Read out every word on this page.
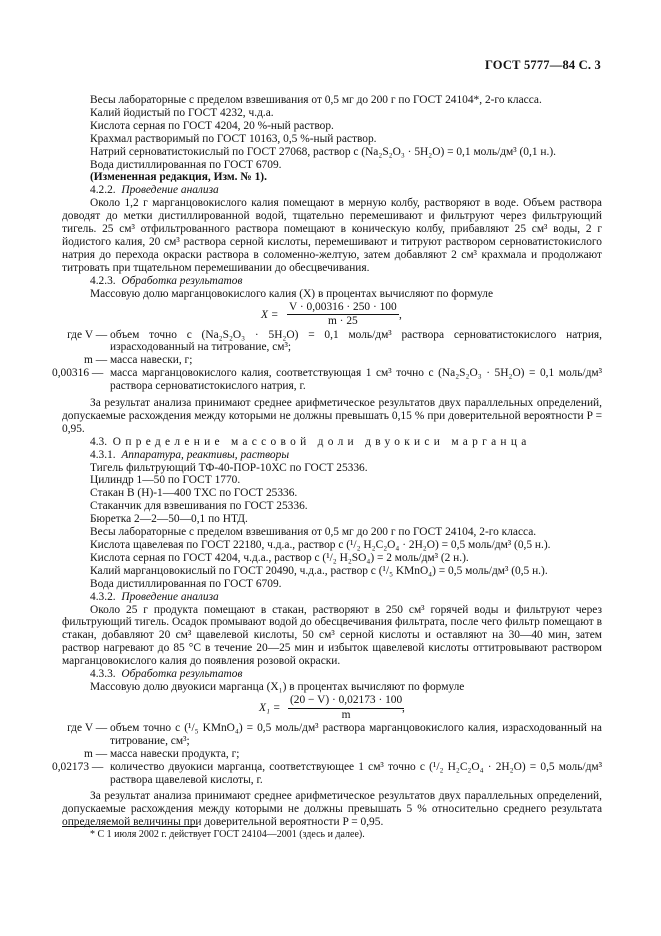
ГОСТ 5777—84 С. 3

Весы лабораторные с пределом взвешивания от 0,5 мг до 200 г по ГОСТ 24104*, 2-го класса.

Калий йодистый по ГОСТ 4232, ч.д.а.

Кислота серная по ГОСТ 4204, 20 %-ный раствор.

Крахмал растворимый по ГОСТ 10163, 0,5 %-ный раствор.

Натрий серноватистокислый по ГОСТ 27068, раствор c (Na₂S₂O₃ · 5H₂O) = 0,1 моль/дм³ (0,1 н.).

Вода дистиллированная по ГОСТ 6709.

(Измененная редакция, Изм. № 1).

4.2.2. Проведение анализа

Около 1,2 г марганцовокислого калия помещают в мерную колбу, растворяют в воде. Объем раствора доводят до метки дистиллированной водой, тщательно перемешивают и фильтруют через фильтрующий тигель. 25 см³ отфильтрованного раствора помещают в коническую колбу, прибавляют 25 см³ воды, 2 г йодистого калия, 20 см³ раствора серной кислоты, перемешивают и титруют раствором серноватистокислого натрия до перехода окраски раствора в соломенно-желтую, затем добавляют 2 см³ крахмала и продолжают титровать при тщательном перемешивании до обесцвечивания.

4.2.3. Обработка результатов

Массовую долю марганцовокислого калия (X) в процентах вычисляют по формуле

$X = \frac{V \cdot 0,00316 \cdot 250 \cdot 100}{m \cdot 25}$ ,
где V — объем точно c (Na₂S₂O₃ · 5H₂O) = 0,1 моль/дм³ раствора серноватистокислого натрия, израсходованный на титрование, см³;
m — масса навески, г;
0,00316 — масса марганцовокислого калия, соответствующая 1 см³ точно c (Na₂S₂O₃ · 5H₂O) = 0,1 моль/дм³ раствора серноватистокислого натрия, г.

За результат анализа принимают среднее арифметическое результатов двух параллельных определений, допускаемые расхождения между которыми не должны превышать 0,15 % при доверительной вероятности P = 0,95.

4.3. Определение массовой доли двуокиси марганца

4.3.1. Аппаратура, реактивы, растворы

Тигель фильтрующий ТФ-40-ПОР-10ХС по ГОСТ 25336.

Цилиндр 1—50 по ГОСТ 1770.

Стакан В (Н)-1—400 ТХС по ГОСТ 25336.

Стаканчик для взвешивания по ГОСТ 25336.

Бюретка 2—2—50—0,1 по НТД.

Весы лабораторные с пределом взвешивания от 0,5 мг до 200 г по ГОСТ 24104, 2-го класса.

Кислота щавелевая по ГОСТ 22180, ч.д.а., раствор c (¹/₂ H₂C₂O₄ · 2H₂O) = 0,5 моль/дм³ (0,5 н.).

Кислота серная по ГОСТ 4204, ч.д.а., раствор c (¹/₂ H₂SO₄) = 2 моль/дм³ (2 н.).

Калий марганцовокислый по ГОСТ 20490, ч.д.а., раствор c (¹/₅ KMnO₄) = 0,5 моль/дм³ (0,5 н.).

Вода дистиллированная по ГОСТ 6709.

4.3.2. Проведение анализа

Около 25 г продукта помещают в стакан, растворяют в 250 см³ горячей воды и фильтруют через фильтрующий тигель. Осадок промывают водой до обесцвечивания фильтрата, после чего фильтр помещают в стакан, добавляют 20 см³ щавелевой кислоты, 50 см³ серной кислоты и оставляют на 30—40 мин, затем раствор нагревают до 85 °С в течение 20—25 мин и избыток щавелевой кислоты оттитровывают раствором марганцовокислого калия до появления розовой окраски.

4.3.3. Обработка результатов

Массовую долю двуокиси марганца (X₁) в процентах вычисляют по формуле

$X_1 = \frac{(20 - V) \cdot 0,02173 \cdot 100}{m}$
,
где V — объем точно c (¹/₅ KMnO₄) = 0,5 моль/дм³ раствора марганцовокислого калия, израсходованный на титрование, см³;
m — масса навески продукта, г;
0,02173 — количество двуокиси марганца, соответствующее 1 см³ точно c (¹/₂ H₂C₂O₄ · 2H₂O) = 0,5 моль/дм³ раствора щавелевой кислоты, г.

За результат анализа принимают среднее арифметическое результатов двух параллельных определений, допускаемые расхождения между которыми не должны превышать 5 % относительно среднего результата определяемой величины при доверительной вероятности P = 0,95.

* С 1 июля 2002 г. действует ГОСТ 24104—2001 (здесь и далее).
